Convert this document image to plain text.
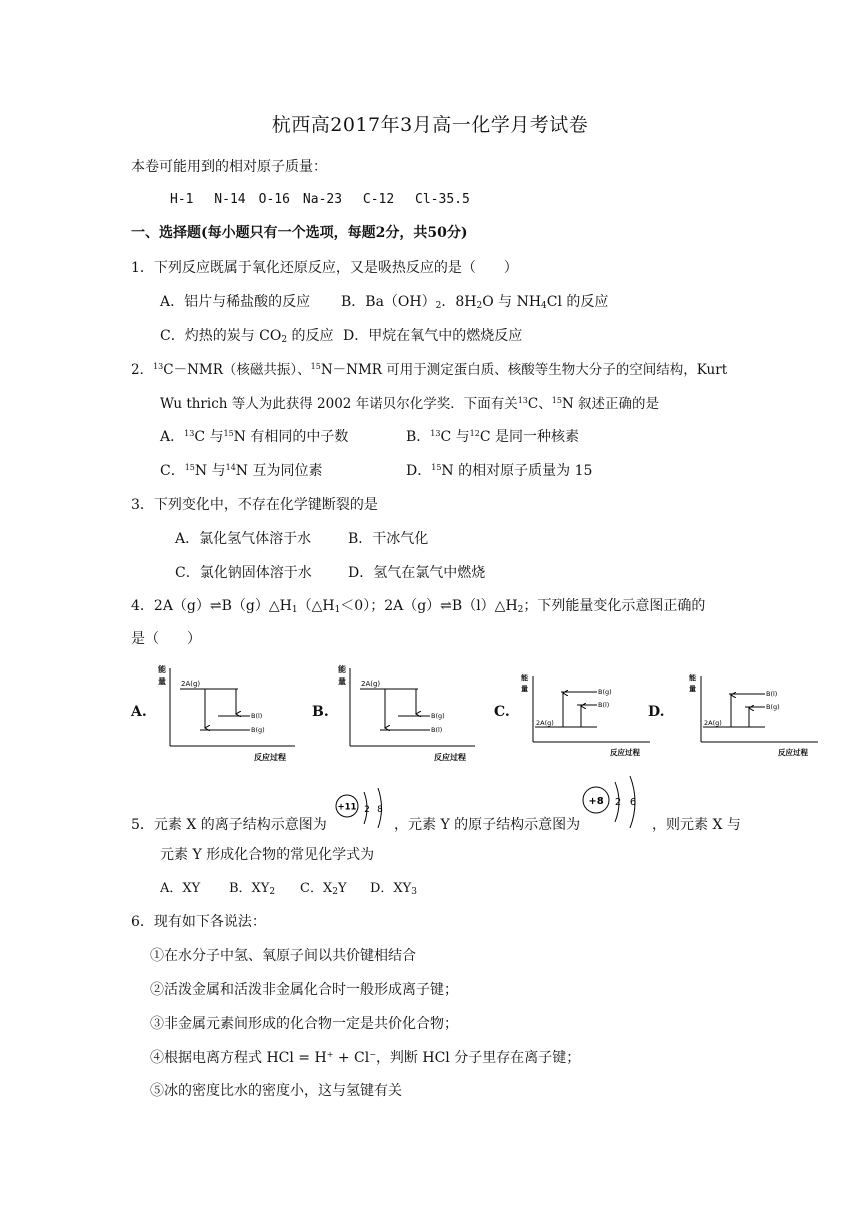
杭西高2017年3月高一化学月考试卷
本卷可能用到的相对原子质量：
H-1　 N-14　O-16　Na-23　 C-12　 Cl-35.5
一、选择题(每小题只有一个选项，每题2分，共50分)
1．下列反应既属于氧化还原反应，又是吸热反应的是（　　）
A．铝片与稀盐酸的反应 B．$Ba(OH)_2$．$8H_2O$ 与 $NH_4Cl$ 的反应
C．灼热的炭与 $CO_2$ 的反应 D．甲烷在氧气中的燃烧反应
2．$^{13}$C－NMR（核磁共振）、$^{15}$N－NMR 可用于测定蛋白质、核酸等生物大分子的空间结构，Kurt
Wu thrich 等人为此获得 2002 年诺贝尔化学奖．下面有关$^{13}$C、$^{15}$N 叙述正确的是
A．$^{13}$C 与$^{15}$N 有相同的中子数	B．$^{13}$C 与$^{12}$C 是同一种核素
C．$^{15}$N 与$^{14}$N 互为同位素	D．$^{15}$N 的相对原子质量为 15
3．下列变化中，不存在化学键断裂的是
A．氯化氢气体溶于水	B．干冰气化
C．氯化钠固体溶于水	D．氢气在氯气中燃烧
4．$2A(g)\rightleftharpoons B(g)\triangle H_1(\triangle H_1<0)$；$2A(g)\rightleftharpoons B(l)\triangle H_2$；下列能量变化示意图正确的
是（　　）
A.	B.	C.	D.
能
量
反应过程
2A(g)
B(l)
B(g)
能
量
反应过程
2A(g)
B(g)
B(l)
能
量
反应过程
2A(g)
B(g)
B(l)
能
量
反应过程
2A(g)
B(l)
B(g)
5．元素 X 的离子结构示意图为
+11 2 8
，元素 Y 的原子结构示意图为
+8 2 6
，则元素 X 与
元素 Y 形成化合物的常见化学式为
A．XY B．$XY_2$ C．$X_2Y$ D．$XY_3$
6．现有如下各说法：
①在水分子中氢、氧原子间以共价键相结合
②活泼金属和活泼非金属化合时一般形成离子键；
③非金属元素间形成的化合物一定是共价化合物；
④根据电离方程式 HCl = H+ + Cl−，判断 HCl 分子里存在离子键；
⑤冰的密度比水的密度小，这与氢键有关
